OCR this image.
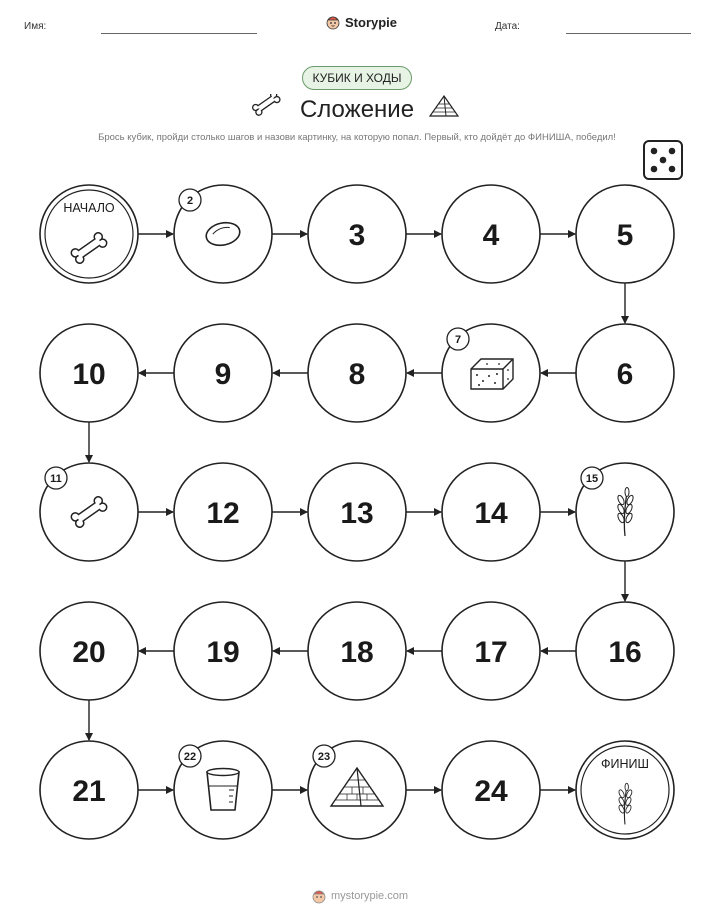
Имя:	Storypie	Дата:
КУБИК И ХОДЫ
Сложение
Брось кубик, пройди столько шагов и назови картинку, на которую попал. Первый, кто дойдёт до ФИНИША, победил!
НАЧАЛО	2
3	4	5
6
7
8
9
10
11
12	13	14
15
16
17
18
19
20
21
22	23
24
ФИНИШ
mystorypie.com
